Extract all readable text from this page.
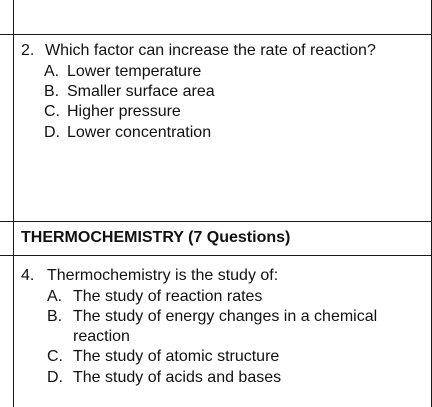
2. Which factor can increase the rate of reaction?
A. Lower temperature
B. Smaller surface area
C. Higher pressure
D. Lower concentration
THERMOCHEMISTRY (7 Questions)
4. Thermochemistry is the study of:
A. The study of reaction rates
B. The study of energy changes in a chemical
reaction
C. The study of atomic structure
D. The study of acids and bases
